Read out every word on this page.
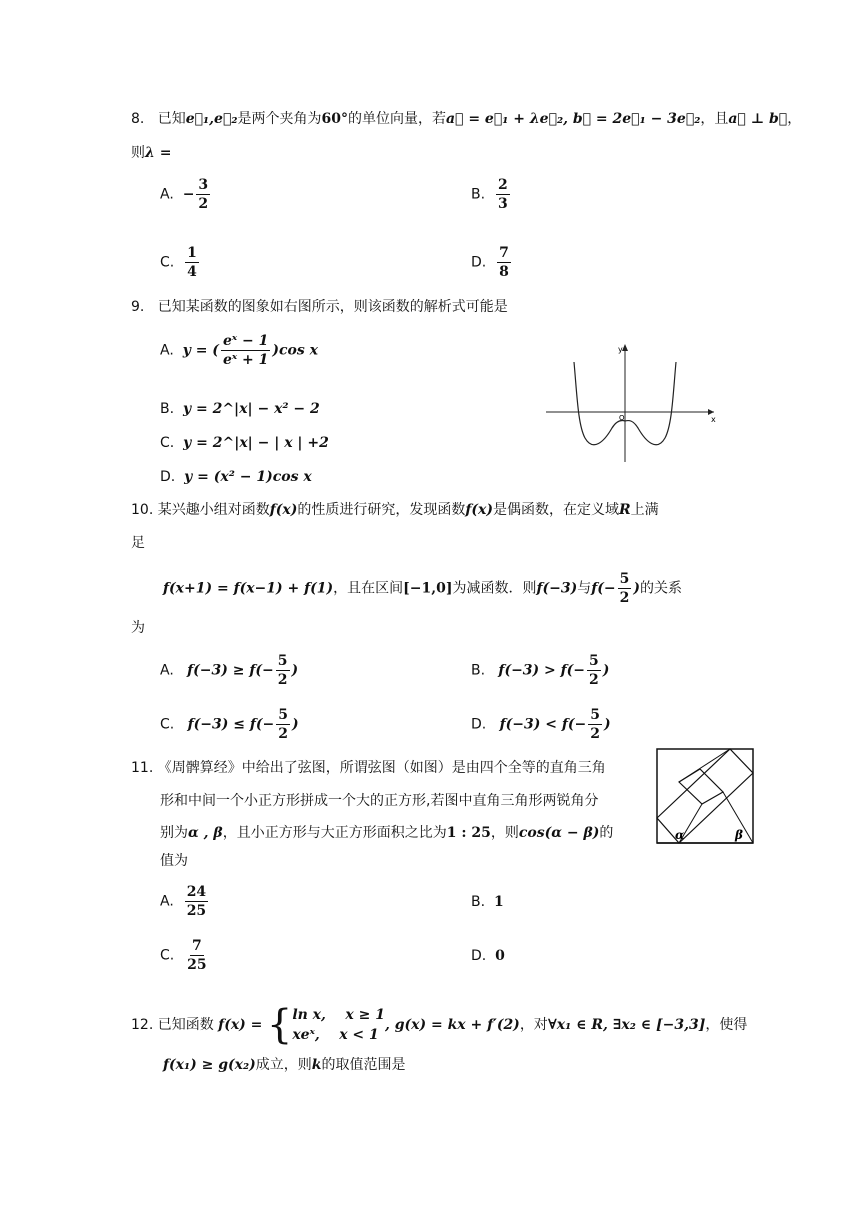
8. 已知e⃗₁,e⃗₂是两个夹角为60°的单位向量，若a⃗ = e⃗₁ + λe⃗₂, b⃗ = 2e⃗₁ − 3e⃗₂，且a⃗ ⊥ b⃗，
则λ =
A. − $\frac{3}{2}$	B. $\frac{2}{3}$
C. $\frac{1}{4}$	D. $\frac{7}{8}$
9. 已知某函数的图象如右图所示，则该函数的解析式可能是
A. y = ( $\frac{\text{eˣ − 1}}{\text{eˣ + 1}} )\cos$ x
B. y = 2^|x| − x² − 2
C. y = 2^|x| − | x | +2
D. y = (x² − 1)cos x
y
x
O
10. 某兴趣小组对函数f(x)的性质进行研究，发现函数f(x)是偶函数，在定义域R上满
足
f(x+1) = f(x−1) + f(1)，且在区间[−1,0]为减函数．则f(−3)与$f(- \frac{5}{2}$ )的关系
为
A. $f(-3) \ge f(- \frac{5}{2}$ )	B. $f(-3) > f(- \frac{5}{2}$ )
C. $f(-3) \le f(- \frac{5}{2}$ )	D. $f(-3) < f(- \frac{5}{2}$ )
11. 《周髀算经》中给出了弦图，所谓弦图（如图）是由四个全等的直角三角
形和中间一个小正方形拼成一个大的正方形,若图中直角三角形两锐角分
别为α , β，且小正方形与大正方形面积之比为1 : 25，则cos(α − β)的
值为
α	β
A. $\frac{24}{25}$	B. 1
C. $\frac{7}{25}$	D. 0
12. 已知函数 f(x) = { ln x,    x ≥ 1
xeˣ,    x < 1
, g(x) = kx + f′(2)，对∀x₁ ∈ R, ∃x₂ ∈ [−3,3]，使得
f(x₁) ≥ g(x₂)成立，则k的取值范围是
